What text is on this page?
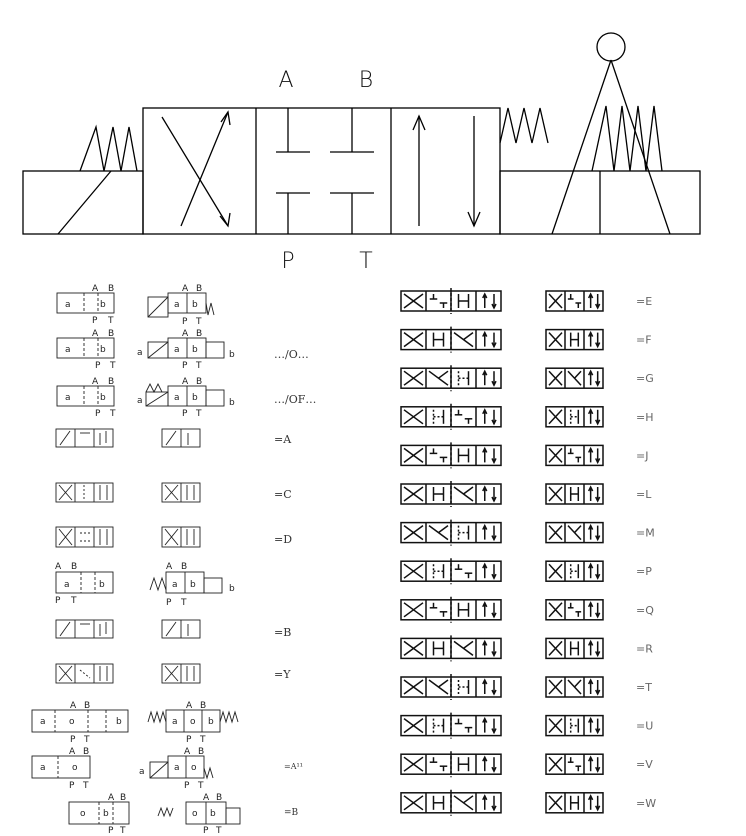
A	B
P	T
a	b
A B
P T
a b
A B
P T
a	b
A B
P T
a	a b	b
A B
P T
…/O…
a	b
A B
P T
a	a b	b
A B
P T
…/OF…
=A
=C
=D
a	b
A B
P T
a b	b
A B
P T
=B
=Y
a	o	b
A B
P T
a o b
A B
P T
a	o
A B
P T
a	a o
A B
P T
=A¹¹
o b
A B
P T
o b
A B
P T
=B
=E
=F
=G
=H
=J
=L
=M
=P
=Q
=R
=T
=U
=V
=W
